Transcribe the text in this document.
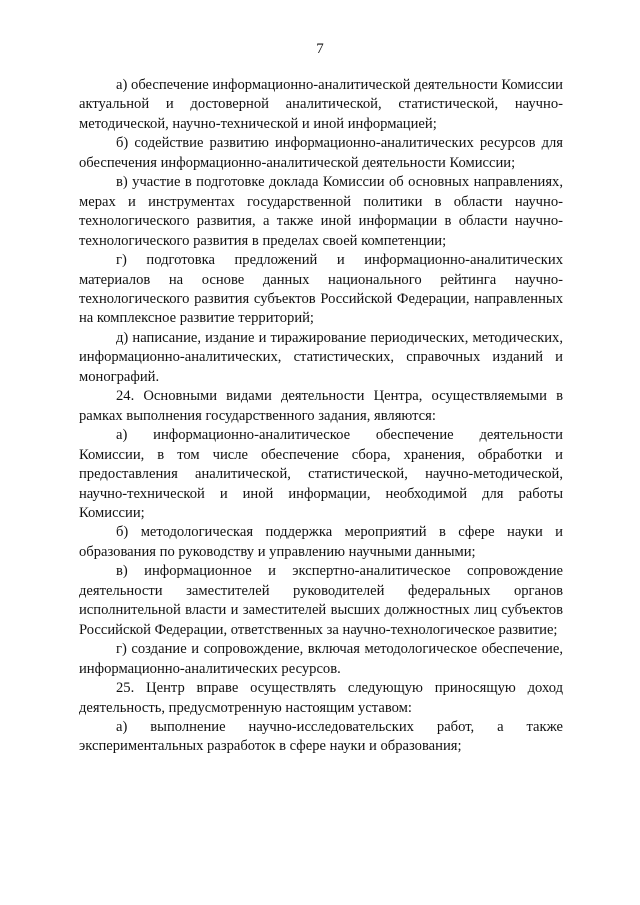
7

а) обеспечение информационно-аналитической деятельности Комиссии актуальной и достоверной аналитической, статистической, научно-методической, научно-технической и иной информацией;

б) содействие развитию информационно-аналитических ресурсов для обеспечения информационно-аналитической деятельности Комиссии;

в) участие в подготовке доклада Комиссии об основных направлениях, мерах и инструментах государственной политики в области научно-технологического развития, а также иной информации в области научно-технологического развития в пределах своей компетенции;

г) подготовка предложений и информационно-аналитических материалов на основе данных национального рейтинга научно-технологического развития субъектов Российской Федерации, направленных на комплексное развитие территорий;

д) написание, издание и тиражирование периодических, методических, информационно-аналитических, статистических, справочных изданий и монографий.

24. Основными видами деятельности Центра, осуществляемыми в рамках выполнения государственного задания, являются:

а) информационно-аналитическое обеспечение деятельности Комиссии, в том числе обеспечение сбора, хранения, обработки и предоставления аналитической, статистической, научно-методической, научно-технической и иной информации, необходимой для работы Комиссии;

б) методологическая поддержка мероприятий в сфере науки и образования по руководству и управлению научными данными;

в) информационное и экспертно-аналитическое сопровождение деятельности заместителей руководителей федеральных органов исполнительной власти и заместителей высших должностных лиц субъектов Российской Федерации, ответственных за научно-технологическое развитие;

г) создание и сопровождение, включая методологическое обеспечение, информационно-аналитических ресурсов.

25. Центр вправе осуществлять следующую приносящую доход деятельность, предусмотренную настоящим уставом:

а) выполнение научно-исследовательских работ, а также экспериментальных разработок в сфере науки и образования;
